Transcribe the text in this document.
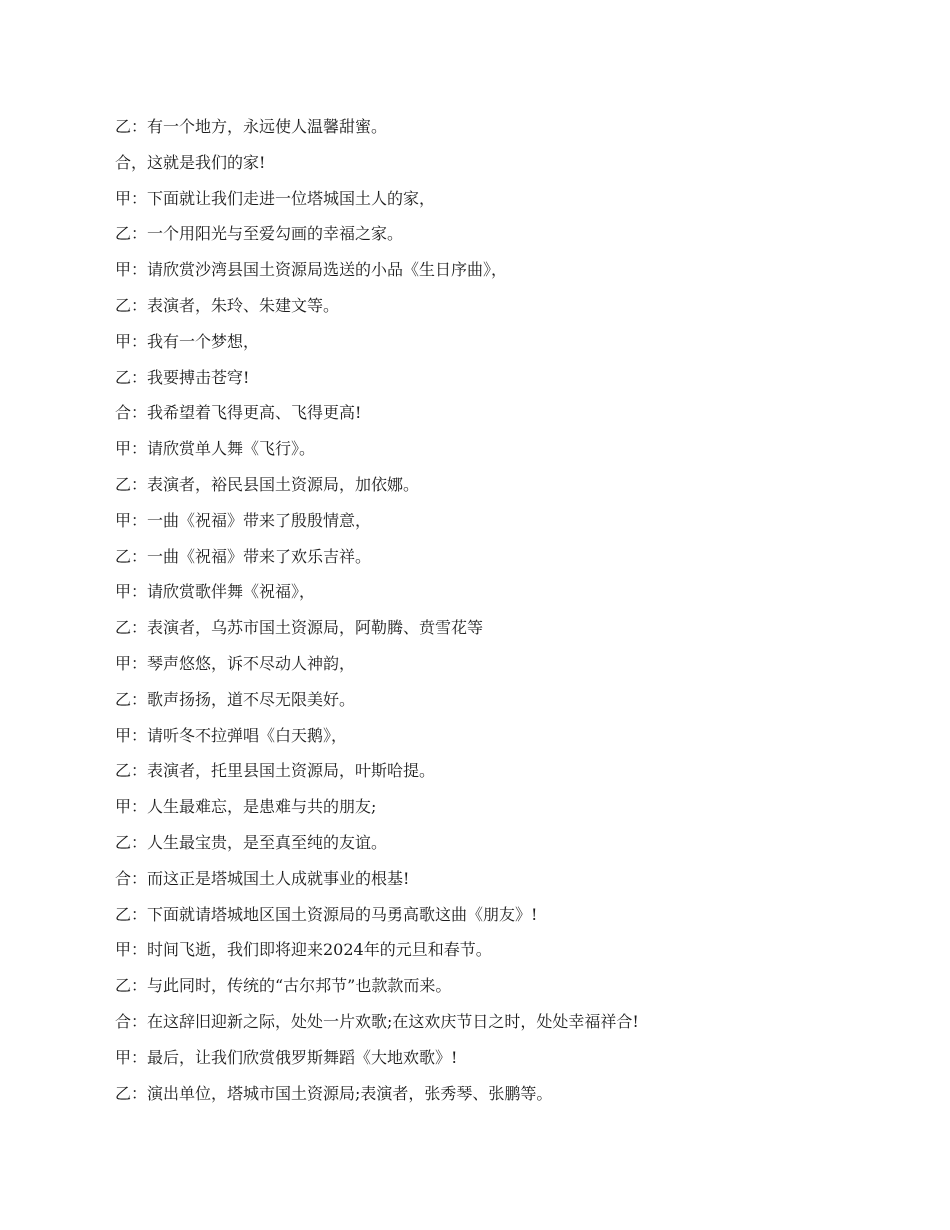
乙：有一个地方，永远使人温馨甜蜜。
合，这就是我们的家!
甲：下面就让我们走进一位塔城国土人的家，
乙：一个用阳光与至爱勾画的幸福之家。
甲：请欣赏沙湾县国土资源局选送的小品《生日序曲》，
乙：表演者，朱玲、朱建文等。
甲：我有一个梦想，
乙：我要搏击苍穹!
合：我希望着飞得更高、飞得更高!
甲：请欣赏单人舞《飞行》。
乙：表演者，裕民县国土资源局，加依娜。
甲：一曲《祝福》带来了殷殷情意，
乙：一曲《祝福》带来了欢乐吉祥。
甲：请欣赏歌伴舞《祝福》，
乙：表演者，乌苏市国土资源局，阿勒腾、贲雪花等
甲：琴声悠悠，诉不尽动人神韵，
乙：歌声扬扬，道不尽无限美好。
甲：请听冬不拉弹唱《白天鹅》，
乙：表演者，托里县国土资源局，叶斯哈提。
甲：人生最难忘，是患难与共的朋友;
乙：人生最宝贵，是至真至纯的友谊。
合：而这正是塔城国土人成就事业的根基!
乙：下面就请塔城地区国土资源局的马勇高歌这曲《朋友》!
甲：时间飞逝，我们即将迎来2024年的元旦和春节。
乙：与此同时，传统的“古尔邦节”也款款而来。
合：在这辞旧迎新之际，处处一片欢歌;在这欢庆节日之时，处处幸福祥合!
甲：最后，让我们欣赏俄罗斯舞蹈《大地欢歌》!
乙：演出单位，塔城市国土资源局;表演者，张秀琴、张鹏等。
